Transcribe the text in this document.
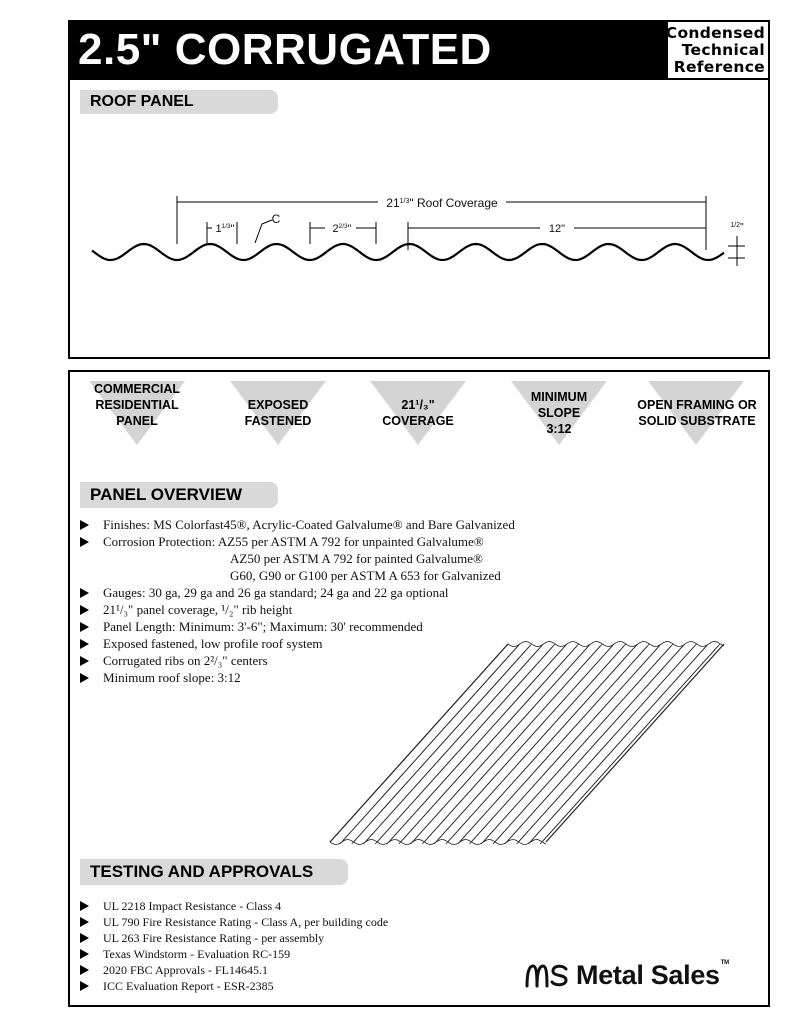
2.5" CORRUGATED	Condensed
Technical
Reference
ROOF PANEL
$21^{1/3}$" Roof Coverage
$1^{1/3}$"
C
$2^{2/3}$"	12"	$^{1/2}$"
COMMERCIAL
RESIDENTIAL
PANEL
EXPOSED
FASTENED
21¹/₃"
COVERAGE
MINIMUM
SLOPE
3:12
OPEN FRAMING OR
SOLID SUBSTRATE
PANEL OVERVIEW
Finishes: MS Colorfast45®, Acrylic-Coated Galvalume® and Bare Galvanized
Corrosion Protection: AZ55 per ASTM A 792 for unpainted Galvalume®
AZ50 per ASTM A 792 for painted Galvalume®
G60, G90 or G100 per ASTM A 653 for Galvanized
Gauges: 30 ga, 29 ga and 26 ga standard; 24 ga and 22 ga optional
21¹/₃" panel coverage, ¹/₂" rib height
Panel Length: Minimum: 3'-6"; Maximum: 30' recommended
Exposed fastened, low profile roof system
Corrugated ribs on 2²/₃" centers
Minimum roof slope: 3:12
TESTING AND APPROVALS
UL 2218 Impact Resistance - Class 4
UL 790 Fire Resistance Rating - Class A, per building code
UL 263 Fire Resistance Rating - per assembly
Texas Windstorm - Evaluation RC-159
2020 FBC Approvals - FL14645.1
ICC Evaluation Report - ESR-2385	Metal Sales™
